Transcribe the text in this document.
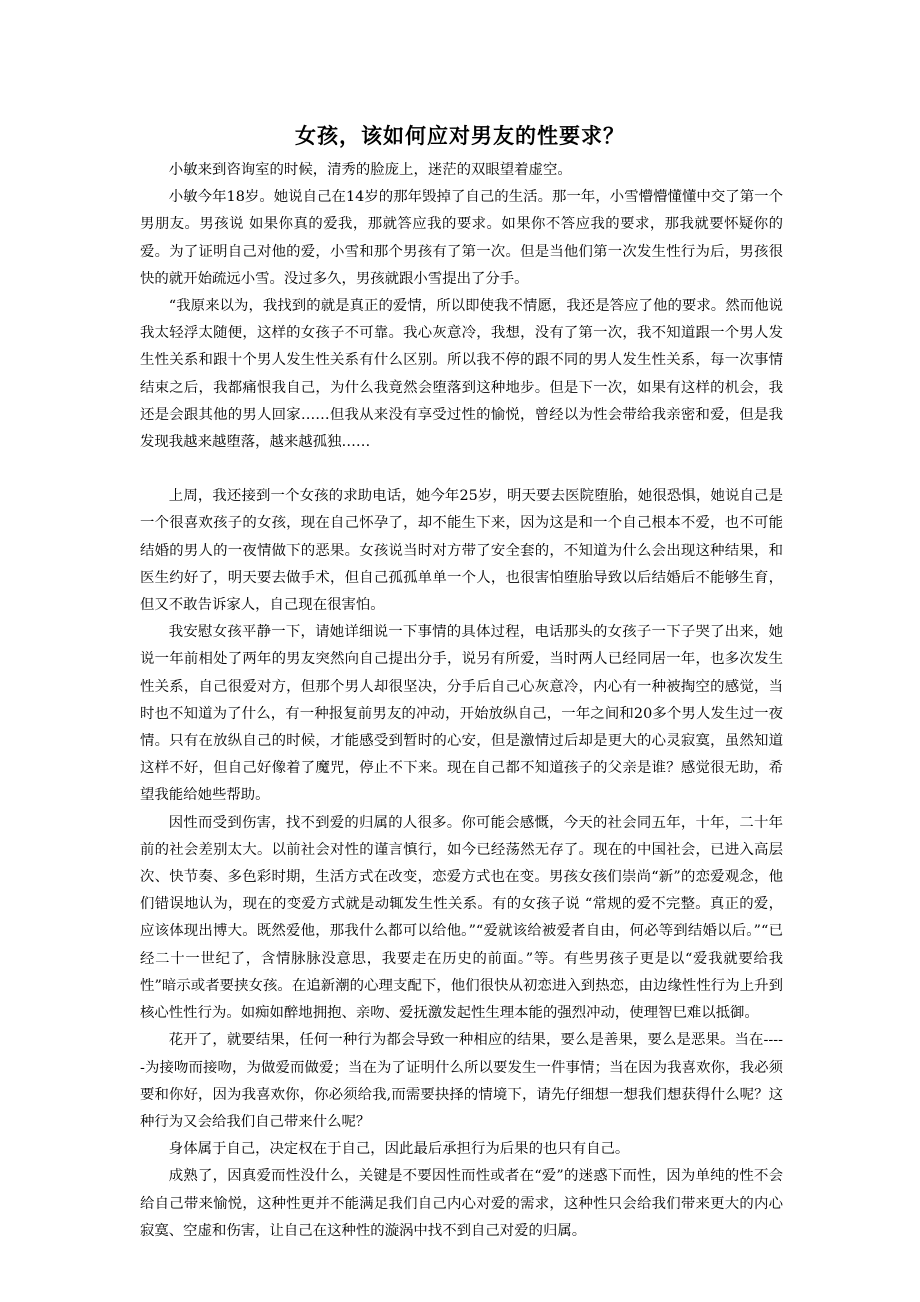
女孩，该如何应对男友的性要求？

小敏来到咨询室的时候，清秀的脸庞上，迷茫的双眼望着虚空。

小敏今年18岁。她说自己在14岁的那年毁掉了自己的生活。那一年，小雪懵懵懂懂中交了第一个男朋友。男孩说 如果你真的爱我，那就答应我的要求。如果你不答应我的要求，那我就要怀疑你的爱。为了证明自己对他的爱，小雪和那个男孩有了第一次。但是当他们第一次发生性行为后，男孩很快的就开始疏远小雪。没过多久，男孩就跟小雪提出了分手。

“我原来以为，我找到的就是真正的爱情，所以即使我不情愿，我还是答应了他的要求。然而他说我太轻浮太随便，这样的女孩子不可靠。我心灰意冷，我想，没有了第一次，我不知道跟一个男人发生性关系和跟十个男人发生性关系有什么区别。所以我不停的跟不同的男人发生性关系，每一次事情结束之后，我都痛恨我自己，为什么我竟然会堕落到这种地步。但是下一次，如果有这样的机会，我还是会跟其他的男人回家……但我从来没有享受过性的愉悦，曾经以为性会带给我亲密和爱，但是我发现我越来越堕落，越来越孤独……

上周，我还接到一个女孩的求助电话，她今年25岁，明天要去医院堕胎，她很恐惧，她说自己是一个很喜欢孩子的女孩，现在自己怀孕了，却不能生下来，因为这是和一个自己根本不爱，也不可能结婚的男人的一夜情做下的恶果。女孩说当时对方带了安全套的，不知道为什么会出现这种结果，和医生约好了，明天要去做手术，但自己孤孤单单一个人，也很害怕堕胎导致以后结婚后不能够生育，但又不敢告诉家人，自己现在很害怕。

我安慰女孩平静一下，请她详细说一下事情的具体过程，电话那头的女孩子一下子哭了出来，她说一年前相处了两年的男友突然向自己提出分手，说另有所爱，当时两人已经同居一年，也多次发生性关系，自己很爱对方，但那个男人却很坚决，分手后自己心灰意冷，内心有一种被掏空的感觉，当时也不知道为了什么，有一种报复前男友的冲动，开始放纵自己，一年之间和20多个男人发生过一夜情。只有在放纵自己的时候，才能感受到暂时的心安，但是激情过后却是更大的心灵寂寞，虽然知道这样不好，但自己好像着了魔咒，停止不下来。现在自己都不知道孩子的父亲是谁？感觉很无助，希望我能给她些帮助。

因性而受到伤害，找不到爱的归属的人很多。你可能会感慨，今天的社会同五年，十年，二十年前的社会差别太大。以前社会对性的谨言慎行，如今已经荡然无存了。现在的中国社会，已进入高层次、快节奏、多色彩时期，生活方式在改变，恋爱方式也在变。男孩女孩们崇尚“新”的恋爱观念，他们错误地认为，现在的变爱方式就是动辄发生性关系。有的女孩子说 “常规的爱不完整。真正的爱，应该体现出博大。既然爱他，那我什么都可以给他。”“爱就该给被爱者自由，何必等到结婚以后。”“已经二十一世纪了，含情脉脉没意思，我要走在历史的前面。”等。有些男孩子更是以“爱我就要给我性”暗示或者要挟女孩。在追新潮的心理支配下，他们很快从初恋进入到热恋，由边缘性性行为上升到核心性性行为。如痴如醉地拥抱、亲吻、爱抚激发起性生理本能的强烈冲动，使理智巳难以抵御。

花开了，就要结果，任何一种行为都会导致一种相应的结果，要么是善果，要么是恶果。当在-----为接吻而接吻，为做爱而做爱；当在为了证明什么所以要发生一件事情；当在因为我喜欢你，我必须要和你好，因为我喜欢你，你必须给我,而需要抉择的情境下，请先仔细想一想我们想获得什么呢？这种行为又会给我们自己带来什么呢？

身体属于自己，决定权在于自己，因此最后承担行为后果的也只有自己。

成熟了，因真爱而性没什么，关键是不要因性而性或者在“爱”的迷惑下而性，因为单纯的性不会给自己带来愉悦，这种性更并不能满足我们自己内心对爱的需求，这种性只会给我们带来更大的内心寂寞、空虚和伤害，让自己在这种性的漩涡中找不到自己对爱的归属。
